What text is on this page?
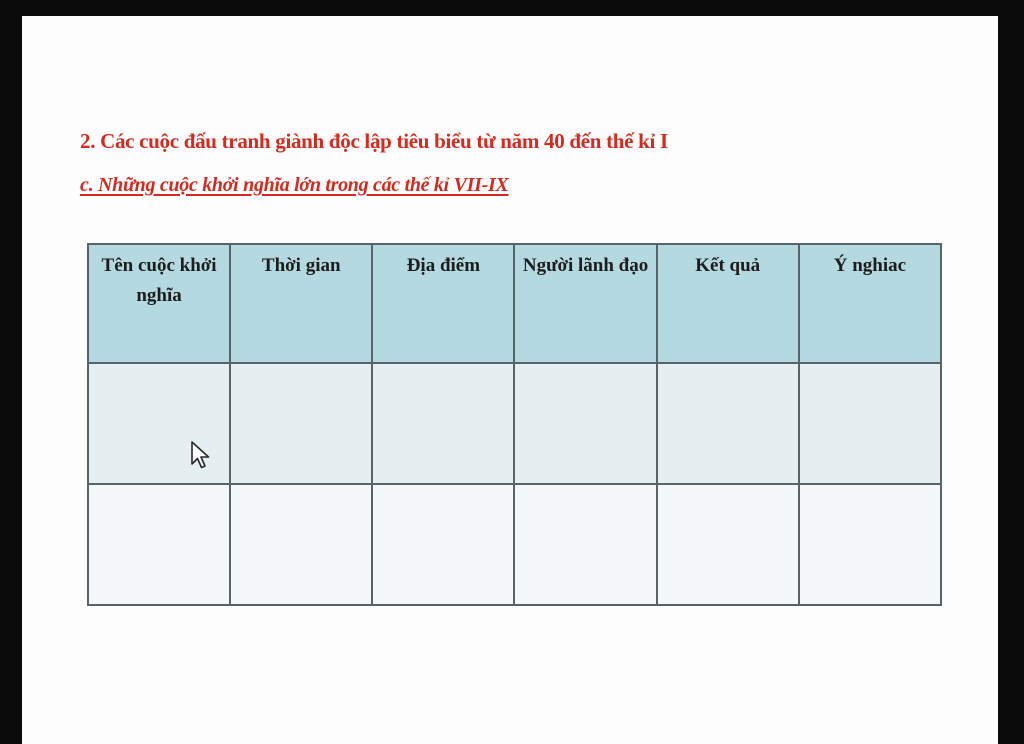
2. Các cuộc đấu tranh giành độc lập tiêu biểu từ năm 40 đến thế kỉ I
c. Những cuộc khởi nghĩa lớn trong các thế kỉ VII-IX
Tên cuộc khởi nghĩa	Thời gian	Địa điểm	Người lãnh đạo	Kết quả	Ý nghiac
